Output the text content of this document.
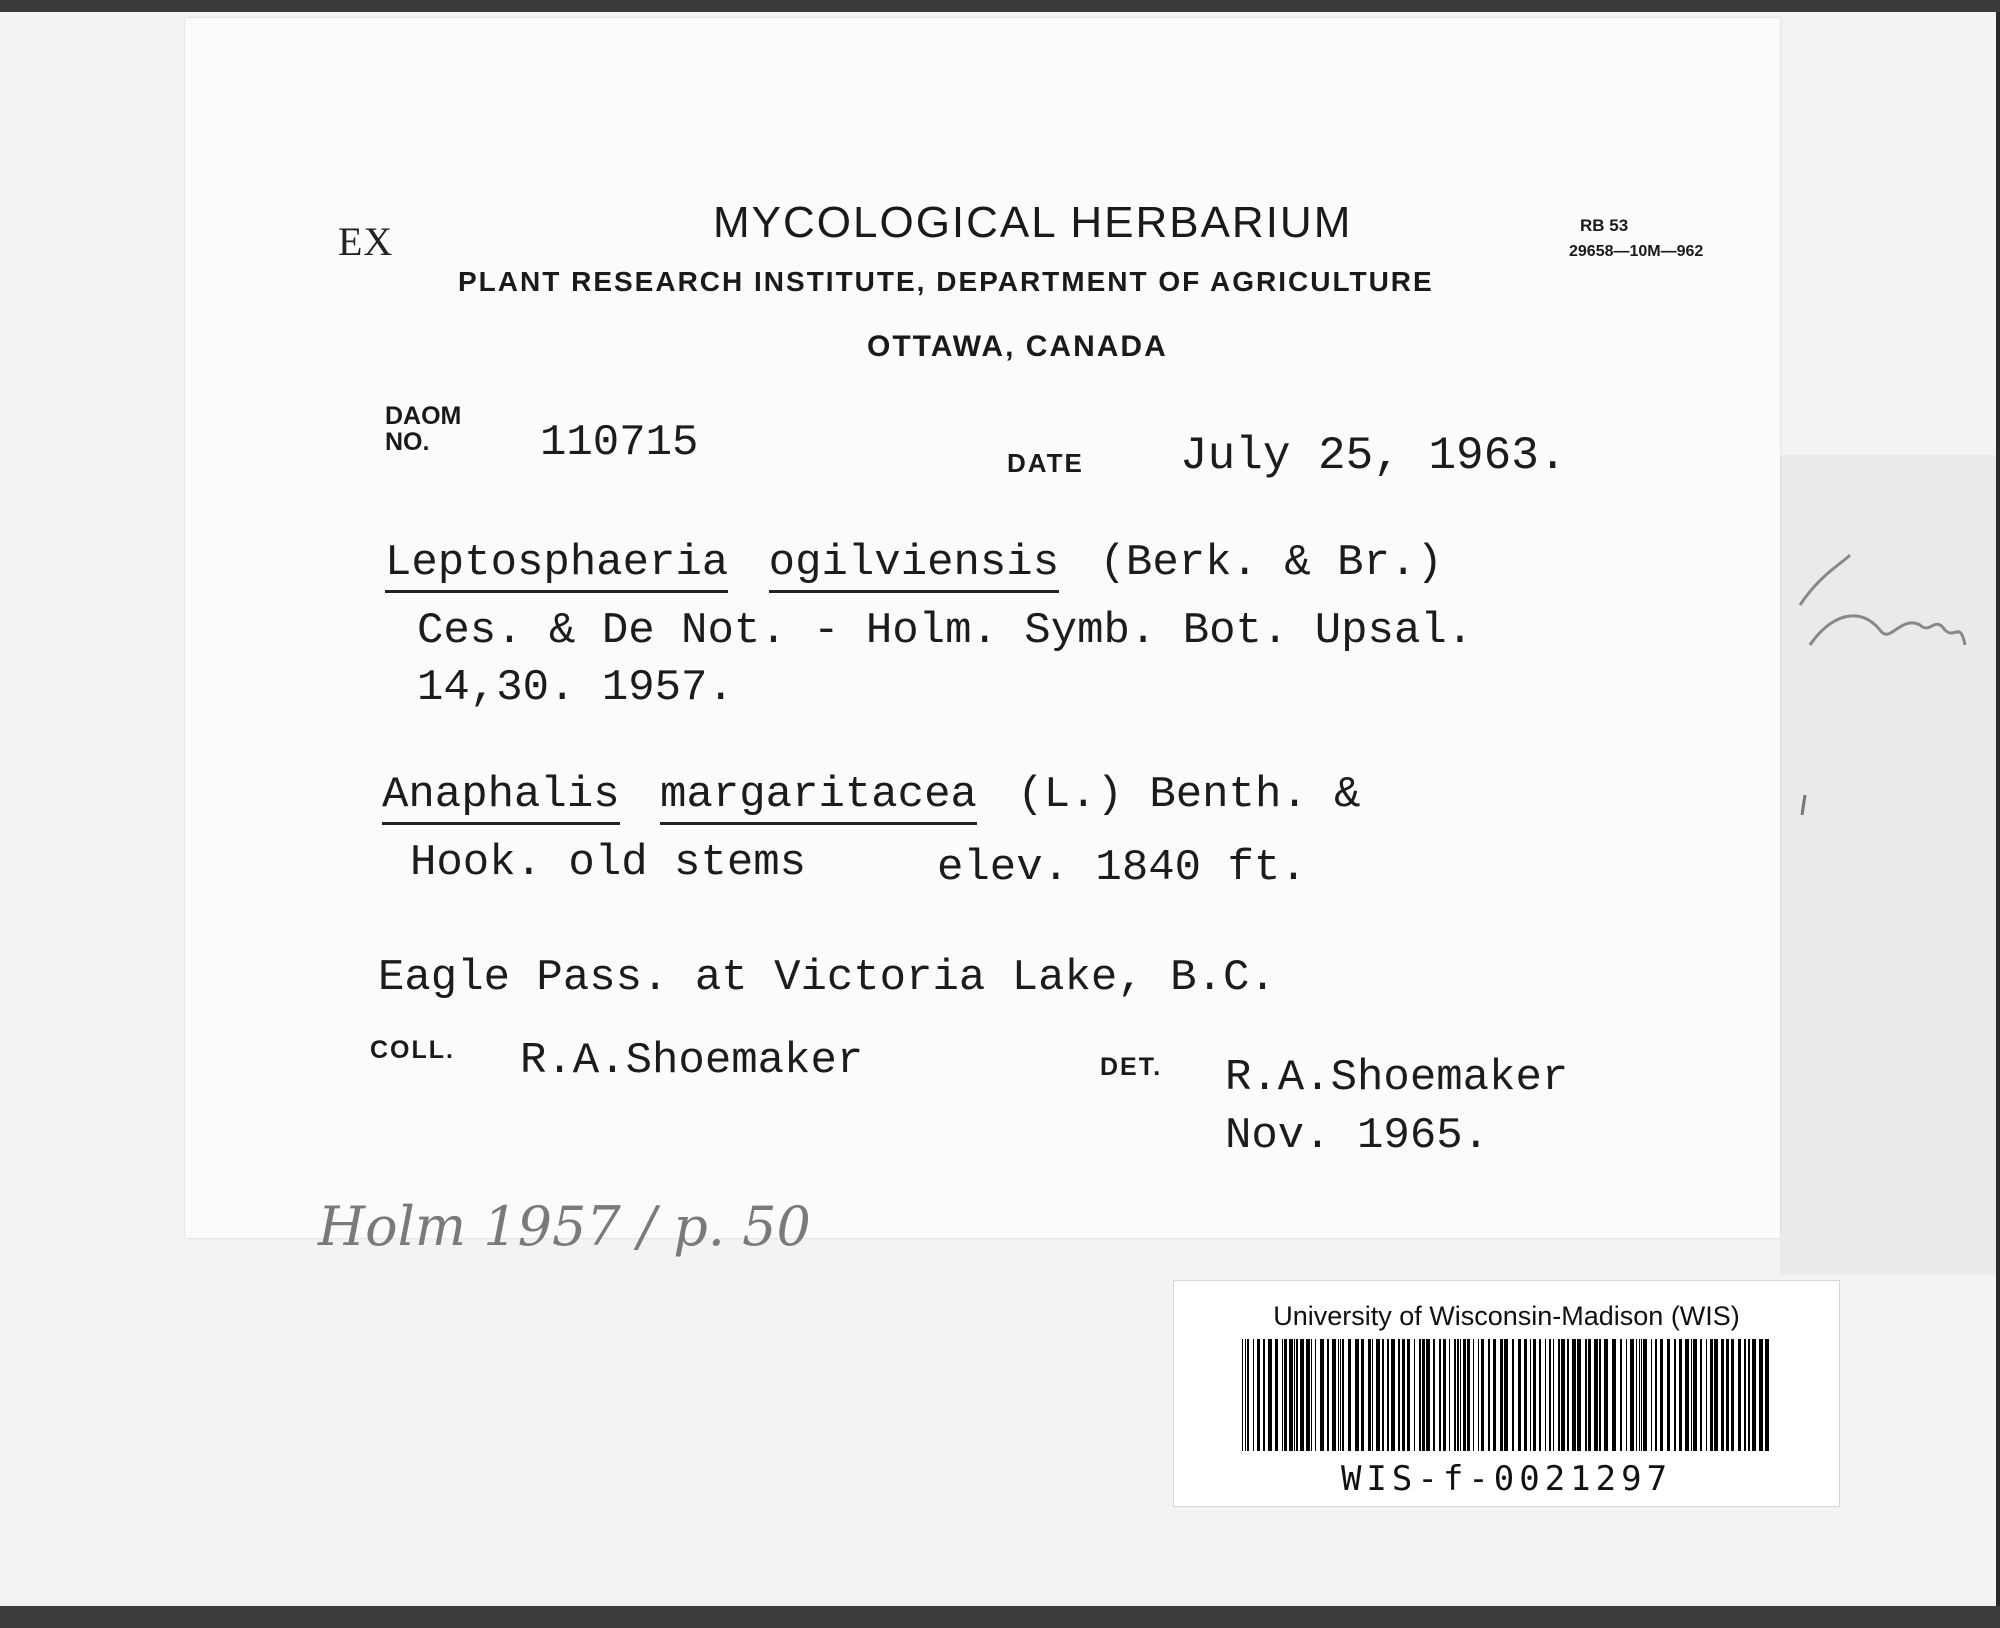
EX	MYCOLOGICAL HERBARIUM	RB 53
29658—10M—962
PLANT RESEARCH INSTITUTE, DEPARTMENT OF AGRICULTURE
OTTAWA, CANADA
DAOM
NO.	110715	DATE July 25, 1963.
Leptosphaeria ogilviensis (Berk. & Br.)
Ces. & De Not. - Holm. Symb. Bot. Upsal.
14,30. 1957.
Anaphalis margaritacea (L.) Benth. &
Hook. old stems	elev. 1840 ft.
Eagle Pass. at Victoria Lake, B.C.
COLL. R.A.Shoemaker	DET. R.A.Shoemaker
Nov. 1965.
Holm 1957 / p. 50
University of Wisconsin-Madison (WIS)
WIS-f-0021297
